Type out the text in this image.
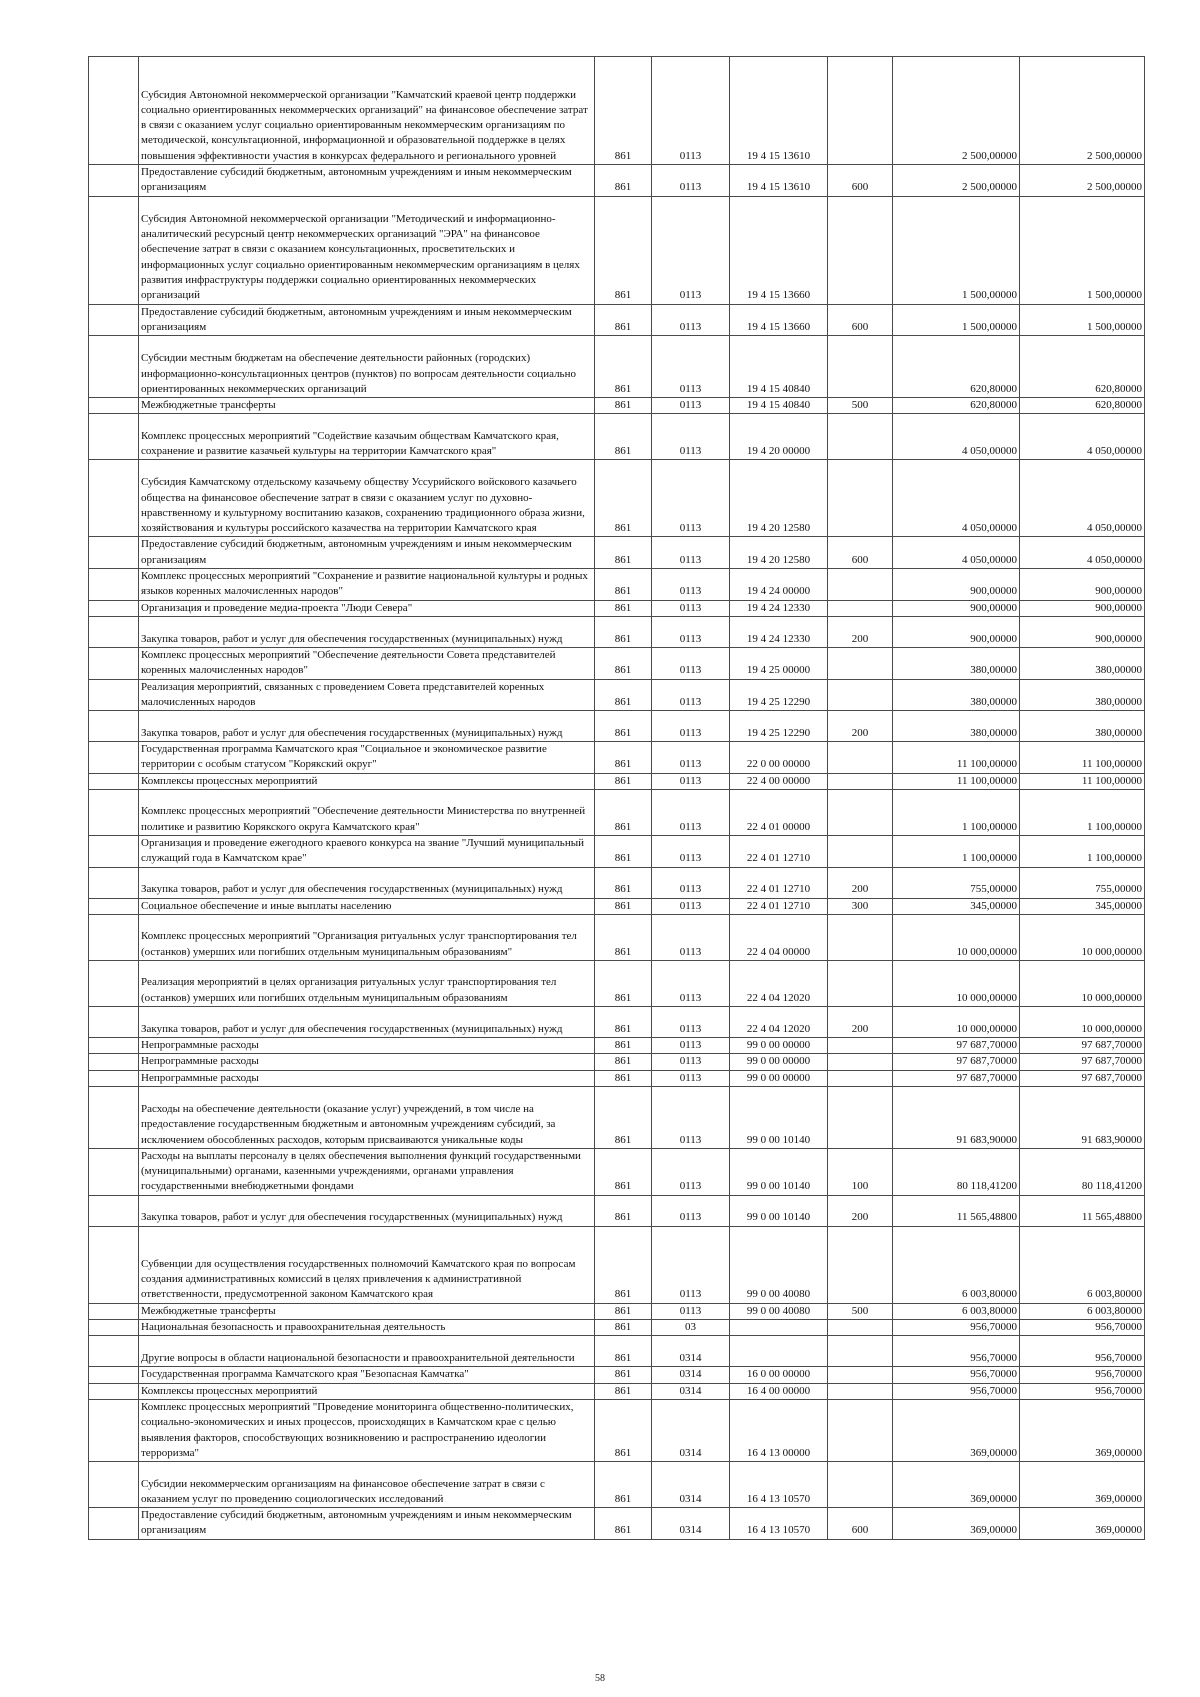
	Субсидия Автономной некоммерческой организации "Камчатский краевой центр поддержки социально ориентированных некоммерческих организаций" на финансовое обеспечение затрат в связи с оказанием услуг социально ориентированным некоммерческим организациям по методической, консультационной, информационной и образовательной поддержке в целях повышения эффективности участия в конкурсах федерального и регионального уровней	861	0113	19 4 15 13610		2 500,00000	2 500,00000
	Предоставление субсидий бюджетным, автономным учреждениям и иным некоммерческим организациям	861	0113	19 4 15 13610	600	2 500,00000	2 500,00000
	Субсидия Автономной некоммерческой организации "Методический и информационно-аналитический ресурсный центр некоммерческих организаций "ЭРА" на финансовое обеспечение затрат в связи с оказанием консультационных, просветительских и информационных услуг социально ориентированным некоммерческим организациям в целях развития инфраструктуры поддержки социально ориентированных некоммерческих организаций	861	0113	19 4 15 13660		1 500,00000	1 500,00000
	Предоставление субсидий бюджетным, автономным учреждениям и иным некоммерческим организациям	861	0113	19 4 15 13660	600	1 500,00000	1 500,00000
	Субсидии местным бюджетам на обеспечение деятельности районных (городских) информационно-консультационных центров (пунктов) по вопросам деятельности социально ориентированных некоммерческих организаций	861	0113	19 4 15 40840		620,80000	620,80000
	Межбюджетные трансферты	861	0113	19 4 15 40840	500	620,80000	620,80000
	Комплекс процессных мероприятий "Содействие казачьим обществам Камчатского края, сохранение и развитие казачьей культуры на территории Камчатского края"	861	0113	19 4 20 00000		4 050,00000	4 050,00000
	Субсидия Камчатскому отдельскому казачьему обществу Уссурийского войскового казачьего общества на финансовое обеспечение затрат в связи с оказанием услуг по духовно-нравственному и культурному воспитанию казаков, сохранению традиционного образа жизни, хозяйствования и культуры российского казачества на территории Камчатского края	861	0113	19 4 20 12580		4 050,00000	4 050,00000
	Предоставление субсидий бюджетным, автономным учреждениям и иным некоммерческим организациям	861	0113	19 4 20 12580	600	4 050,00000	4 050,00000
	Комплекс процессных мероприятий "Сохранение и развитие национальной культуры и родных языков коренных малочисленных народов"	861	0113	19 4 24 00000		900,00000	900,00000
	Организация и проведение медиа-проекта "Люди Севера"	861	0113	19 4 24 12330		900,00000	900,00000
	Закупка товаров, работ и услуг для обеспечения государственных (муниципальных) нужд	861	0113	19 4 24 12330	200	900,00000	900,00000
	Комплекс процессных мероприятий "Обеспечение деятельности Совета представителей коренных малочисленных народов"	861	0113	19 4 25 00000		380,00000	380,00000
	Реализация мероприятий, связанных с проведением Совета представителей коренных малочисленных народов	861	0113	19 4 25 12290		380,00000	380,00000
	Закупка товаров, работ и услуг для обеспечения государственных (муниципальных) нужд	861	0113	19 4 25 12290	200	380,00000	380,00000
	Государственная программа Камчатского края "Социальное и экономическое развитие территории с особым статусом "Корякский округ"	861	0113	22 0 00 00000		11 100,00000	11 100,00000
	Комплексы процессных мероприятий	861	0113	22 4 00 00000		11 100,00000	11 100,00000
	Комплекс процессных мероприятий "Обеспечение деятельности Министерства по внутренней политике и развитию Корякского округа Камчатского края"	861	0113	22 4 01 00000		1 100,00000	1 100,00000
	Организация и проведение ежегодного краевого конкурса на звание "Лучший муниципальный служащий года в Камчатском крае"	861	0113	22 4 01 12710		1 100,00000	1 100,00000
	Закупка товаров, работ и услуг для обеспечения государственных (муниципальных) нужд	861	0113	22 4 01 12710	200	755,00000	755,00000
	Социальное обеспечение и иные выплаты населению	861	0113	22 4 01 12710	300	345,00000	345,00000
	Комплекс процессных мероприятий "Организация ритуальных услуг транспортирования тел (останков) умерших или погибших отдельным муниципальным образованиям"	861	0113	22 4 04 00000		10 000,00000	10 000,00000
	Реализация мероприятий в целях организация ритуальных услуг транспортирования тел (останков) умерших или погибших отдельным муниципальным образованиям	861	0113	22 4 04 12020		10 000,00000	10 000,00000
	Закупка товаров, работ и услуг для обеспечения государственных (муниципальных) нужд	861	0113	22 4 04 12020	200	10 000,00000	10 000,00000
	Непрограммные расходы	861	0113	99 0 00 00000		97 687,70000	97 687,70000
	Непрограммные расходы	861	0113	99 0 00 00000		97 687,70000	97 687,70000
	Непрограммные расходы	861	0113	99 0 00 00000		97 687,70000	97 687,70000
	Расходы на обеспечение деятельности (оказание услуг) учреждений, в том числе на предоставление государственным бюджетным и автономным учреждениям субсидий, за исключением обособленных расходов, которым присваиваются уникальные коды	861	0113	99 0 00 10140		91 683,90000	91 683,90000
	Расходы на выплаты персоналу в целях обеспечения выполнения функций государственными (муниципальными) органами, казенными учреждениями, органами управления государственными внебюджетными фондами	861	0113	99 0 00 10140	100	80 118,41200	80 118,41200
	Закупка товаров, работ и услуг для обеспечения государственных (муниципальных) нужд	861	0113	99 0 00 10140	200	11 565,48800	11 565,48800
	Субвенции для осуществления государственных полномочий Камчатского края по вопросам создания административных комиссий в целях привлечения к административной ответственности, предусмотренной законом Камчатского края	861	0113	99 0 00 40080		6 003,80000	6 003,80000
	Межбюджетные трансферты	861	0113	99 0 00 40080	500	6 003,80000	6 003,80000
	Национальная безопасность и правоохранительная деятельность	861	03			956,70000	956,70000
	Другие вопросы в области национальной безопасности и правоохранительной деятельности	861	0314			956,70000	956,70000
	Государственная программа Камчатского края "Безопасная Камчатка"	861	0314	16 0 00 00000		956,70000	956,70000
	Комплексы процессных мероприятий	861	0314	16 4 00 00000		956,70000	956,70000
	Комплекс процессных мероприятий "Проведение мониторинга общественно-политических, социально-экономических и иных процессов, происходящих в Камчатском крае с целью выявления факторов, способствующих возникновению и распространению идеологии терроризма"	861	0314	16 4 13 00000		369,00000	369,00000
	Субсидии некоммерческим организациям на финансовое обеспечение затрат в связи с оказанием услуг по проведению социологических исследований	861	0314	16 4 13 10570		369,00000	369,00000
	Предоставление субсидий бюджетным, автономным учреждениям и иным некоммерческим организациям	861	0314	16 4 13 10570	600	369,00000	369,00000
58
